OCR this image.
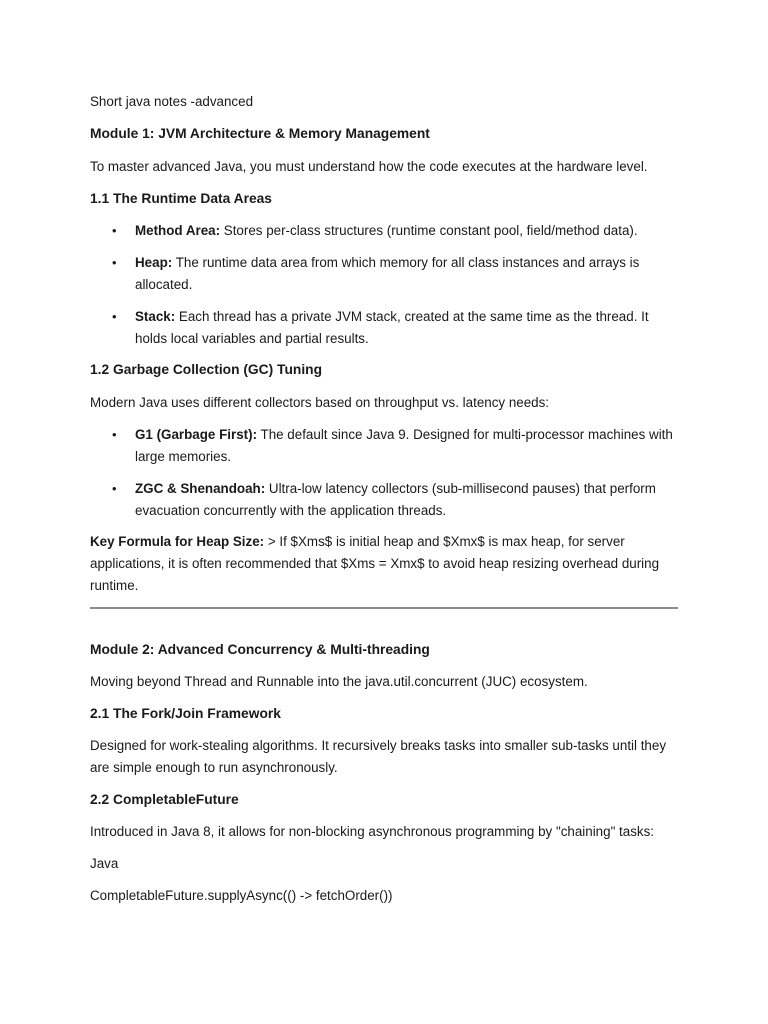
Short java notes -advanced
Module 1: JVM Architecture & Memory Management
To master advanced Java, you must understand how the code executes at the hardware level.
1.1 The Runtime Data Areas
• Method Area: Stores per-class structures (runtime constant pool, field/method data).
• Heap: The runtime data area from which memory for all class instances and arrays is allocated.
• Stack: Each thread has a private JVM stack, created at the same time as the thread. It holds local variables and partial results.
1.2 Garbage Collection (GC) Tuning
Modern Java uses different collectors based on throughput vs. latency needs:
• G1 (Garbage First): The default since Java 9. Designed for multi-processor machines with large memories.
• ZGC & Shenandoah: Ultra-low latency collectors (sub-millisecond pauses) that perform evacuation concurrently with the application threads.
Key Formula for Heap Size: > If $Xms$ is initial heap and $Xmx$ is max heap, for server applications, it is often recommended that $Xms = Xmx$ to avoid heap resizing overhead during runtime.
Module 2: Advanced Concurrency & Multi-threading
Moving beyond Thread and Runnable into the java.util.concurrent (JUC) ecosystem.
2.1 The Fork/Join Framework
Designed for work-stealing algorithms. It recursively breaks tasks into smaller sub-tasks until they are simple enough to run asynchronously.
2.2 CompletableFuture
Introduced in Java 8, it allows for non-blocking asynchronous programming by "chaining" tasks:
Java
CompletableFuture.supplyAsync(() -> fetchOrder())
